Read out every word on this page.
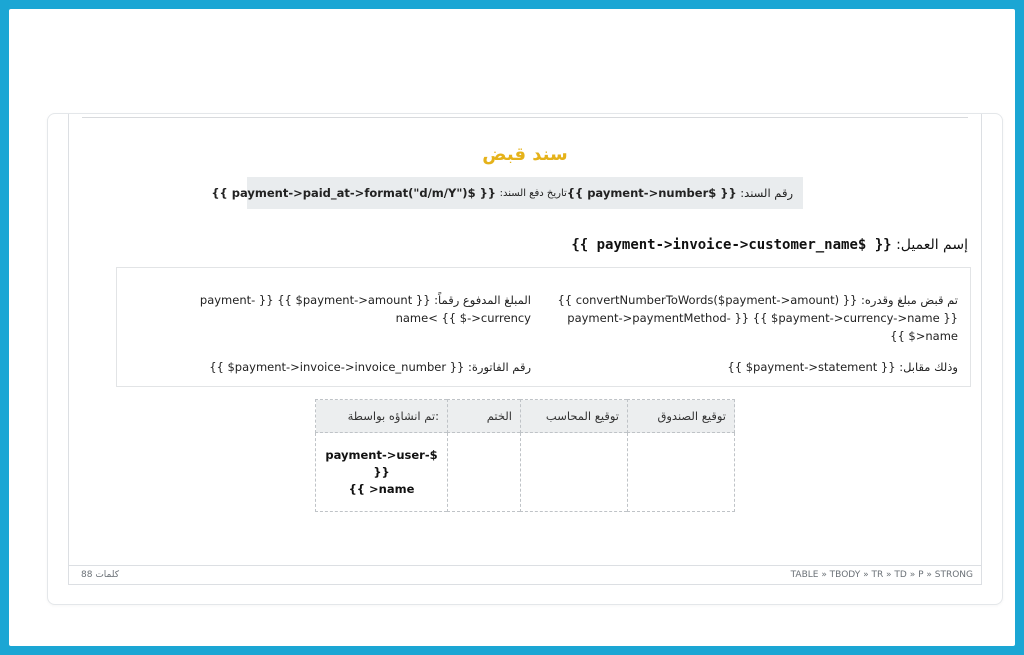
سند قبض
رقم السند:

{{ payment->number$ }}
تاريخ دفع السند:

{{ payment->paid_at->format("d/m/Y")$ }}
إسم العميل: {{ payment->invoice->customer_name$ }}
تم قبض مبلغ وقدره: {{ convertNumberToWords($payment->amount) }} {{ payment->currency->name$ }} {{ payment->paymentMethod->name$ }}
المبلغ المدفوع رقماً: {{ payment->amount$ }} {{ payment->currency-$ }} >name
وذلك مقابل: {{ payment->statement$ }}
رقم الفاتورة: {{ payment->invoice->invoice_number$ }}
توقيع الصندوق	توقيع المحاسب	الختم	:تم انشاؤه بواسطة

			payment->user-$ }}
{{ >name
88 كلمات	TABLE » TBODY » TR » TD » P » STRONG
